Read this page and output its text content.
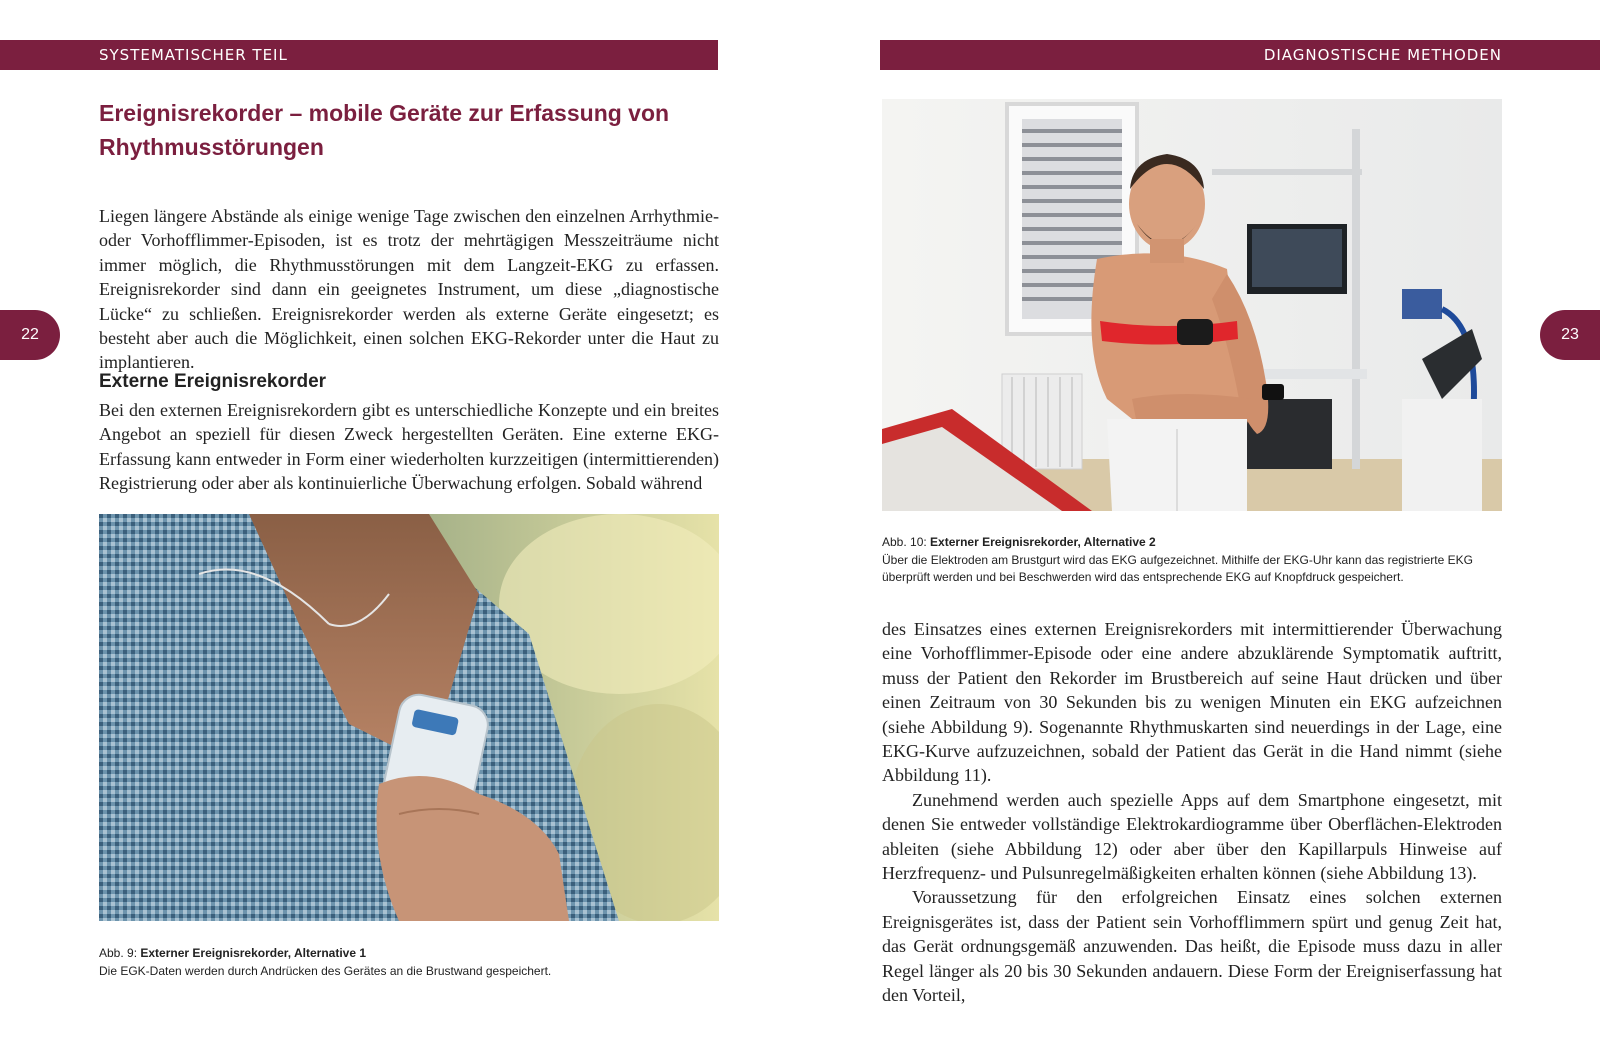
SYSTEMATISCHER TEIL
22
Ereignisrekorder – mobile Geräte zur Erfassung von Rhythmusstörungen

Liegen längere Abstände als einige wenige Tage zwischen den einzelnen Arrhythmie- oder Vorhofflimmer-Episoden, ist es trotz der mehrtägigen Messzeiträume nicht immer möglich, die Rhythmusstörungen mit dem Langzeit-EKG zu erfassen. Ereignisrekorder sind dann ein geeignetes Instrument, um diese „diagnostische Lücke“ zu schließen. Ereignisrekorder werden als externe Geräte eingesetzt; es besteht aber auch die Möglichkeit, einen solchen EKG-Rekorder unter die Haut zu implantieren.

Externe Ereignisrekorder

Bei den externen Ereignisrekordern gibt es unterschiedliche Konzepte und ein breites Angebot an speziell für diesen Zweck hergestellten Geräten. Eine externe EKG-Erfassung kann entweder in Form einer wiederholten kurzzeitigen (intermittierenden) Registrierung oder aber als kontinuierliche Überwachung erfolgen. Sobald während

Abb. 9: Externer Ereignisrekorder, Alternative 1
Die EGK-Daten werden durch Andrücken des Gerätes an die Brustwand gespeichert.

DIAGNOSTISCHE METHODEN
23

Abb. 10: Externer Ereignisrekorder, Alternative 2
Über die Elektroden am Brustgurt wird das EKG aufgezeichnet. Mithilfe der EKG-Uhr kann das registrierte EKG überprüft werden und bei Beschwerden wird das entsprechende EKG auf Knopfdruck gespeichert.

des Einsatzes eines externen Ereignisrekorders mit intermittierender Überwachung eine Vorhofflimmer-Episode oder eine andere abzuklärende Symptomatik auftritt, muss der Patient den Rekorder im Brustbereich auf seine Haut drücken und über einen Zeitraum von 30 Sekunden bis zu wenigen Minuten ein EKG aufzeichnen (siehe Abbildung 9). Sogenannte Rhythmuskarten sind neuerdings in der Lage, eine EKG-Kurve aufzuzeichnen, sobald der Patient das Gerät in die Hand nimmt (siehe Abbildung 11).

Zunehmend werden auch spezielle Apps auf dem Smartphone eingesetzt, mit denen Sie entweder vollständige Elektrokardiogramme über Oberflächen-Elektroden ableiten (siehe Abbildung 12) oder aber über den Kapillarpuls Hinweise auf Herzfrequenz- und Pulsunregelmäßigkeiten erhalten können (siehe Abbildung 13).

Voraussetzung für den erfolgreichen Einsatz eines solchen externen Ereignisgerätes ist, dass der Patient sein Vorhofflimmern spürt und genug Zeit hat, das Gerät ordnungsgemäß anzuwenden. Das heißt, die Episode muss dazu in aller Regel länger als 20 bis 30 Sekunden andauern. Diese Form der Ereigniserfassung hat den Vorteil,
